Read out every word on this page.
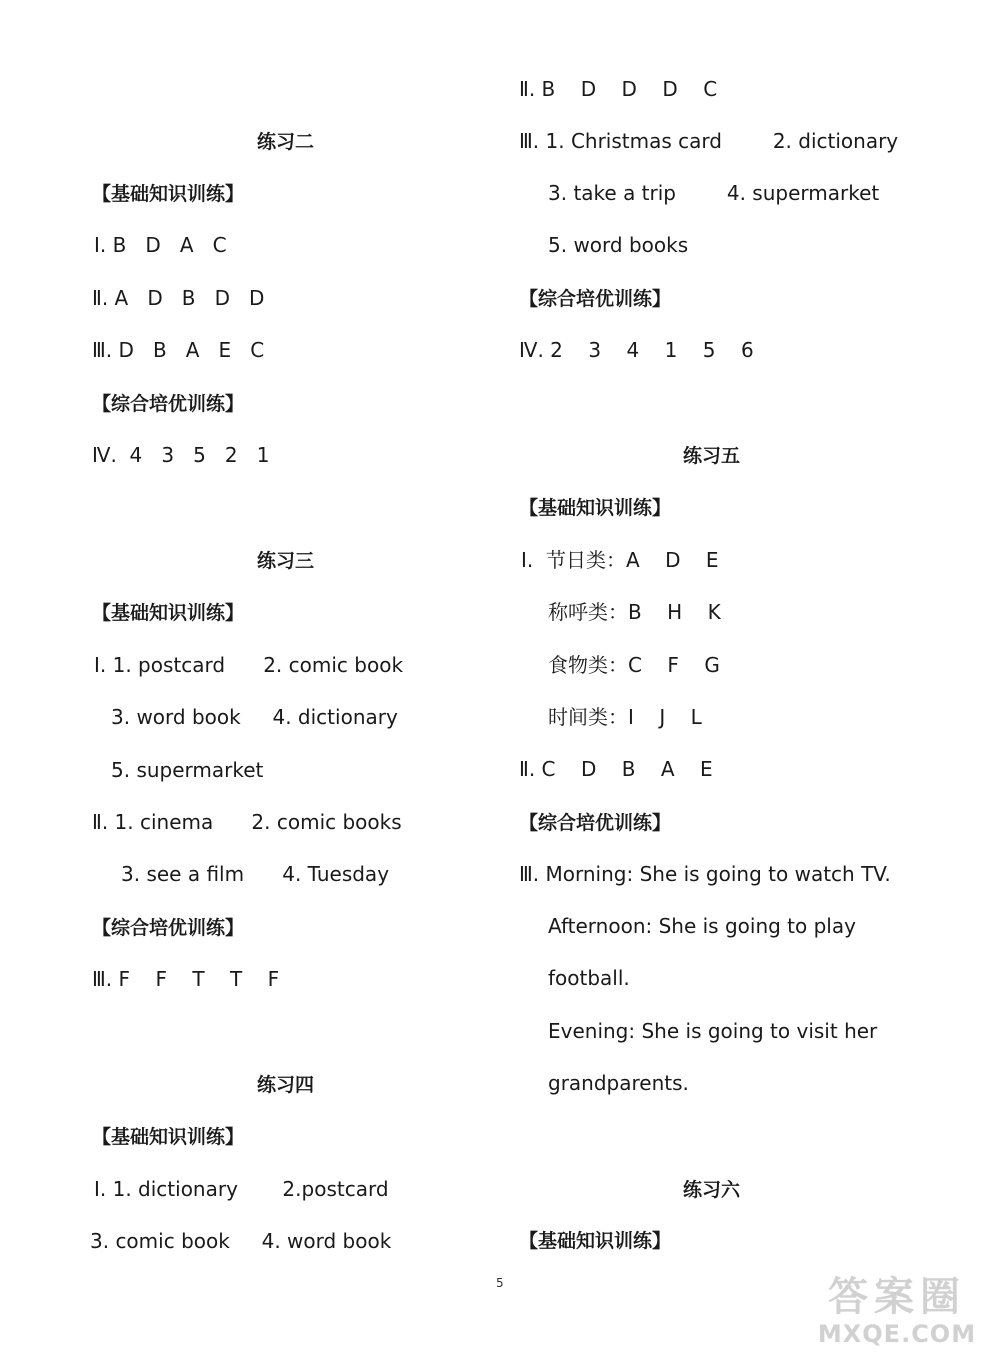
练习二
【基础知识训练】
Ⅰ. B   D   A   C
Ⅱ. A   D   B   D   D
Ⅲ. D   B   A   E   C
【综合培优训练】
Ⅳ.  4   3   5   2   1
练习三
【基础知识训练】
Ⅰ. 1. postcard      2. comic book
3. word book     4. dictionary
5. supermarket
Ⅱ. 1. cinema      2. comic books
3. see a film      4. Tuesday
【综合培优训练】
Ⅲ. F    F    T    T    F
练习四
【基础知识训练】
Ⅰ. 1. dictionary       2.postcard
3. comic book     4. word book
Ⅱ. B    D    D    D    C
Ⅲ. 1. Christmas card        2. dictionary
3. take a trip        4. supermarket
5. word books
【综合培优训练】
Ⅳ. 2    3    4    1    5    6
练习五
【基础知识训练】
Ⅰ.  节日类：A    D    E
称呼类：B    H    K
食物类：C    F    G
时间类：I    J    L
Ⅱ. C    D    B    A    E
【综合培优训练】
Ⅲ. Morning: She is going to watch TV.
Afternoon: She is going to play
football.
Evening: She is going to visit her
grandparents.
练习六
【基础知识训练】
5	答案圈
MXQE.COM
